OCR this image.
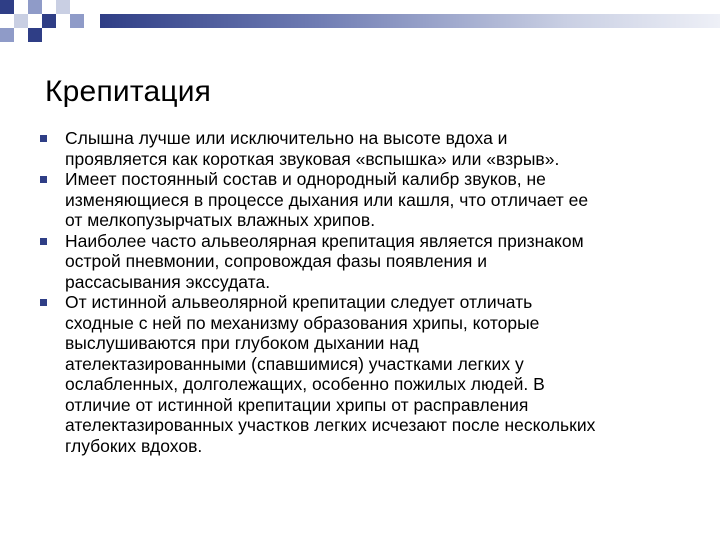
Крепитация
Слышна лучше или исключительно на высоте вдоха и
проявляется как короткая звуковая «вспышка» или «взрыв».
Имеет постоянный состав и однородный калибр звуков, не
изменяющиеся в процессе дыхания или кашля, что отличает ее
от мелкопузырчатых влажных хрипов.
Наиболее часто альвеолярная крепитация является признаком
острой пневмонии, сопровождая фазы появления и
рассасывания экссудата.
От истинной альвеолярной крепитации следует отличать
сходные с ней по механизму образования хрипы, которые
выслушиваются при глубоком дыхании над
ателектазированными (спавшимися) участками легких у
ослабленных, долголежащих, особенно пожилых людей. В
отличие от истинной крепитации хрипы от расправления
ателектазированных участков легких исчезают после нескольких
глубоких вдохов.
